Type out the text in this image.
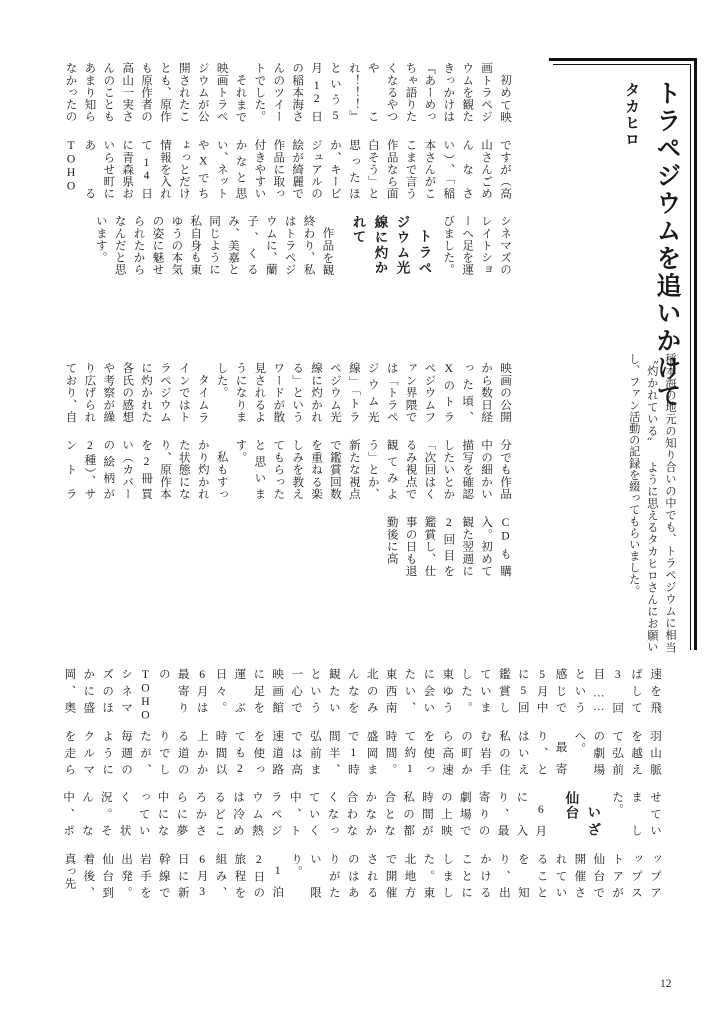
トラペジウムを追いかけて
タカヒロ
稲本海の地元の知り合いの中でも、トラペジウムに相当 〝灼かれている〟 ように思えるタカヒロさんにお願いし、ファン活動の記録を綴ってもらいました。

初めて映画トラペジウムを観たきっかけは『あーめっちゃ語りたくなるやつやこれ！！！』という5月12日の稲本海さんのツイートでした。

それまで映画トラペジウムが公開されたことも、原作も原作者の高山一実さんのこともあまり知らなかったのですが（高山さんごめんなさい）、「稲本さんがここまで言う作品なら面白そう」と思ったほか、キービジュアルの絵が綺麗で作品に取っ付きやすいかなと思い、ネットやXでちょっとだけ情報を入れて14日に青森県おいらせ町にあるTOHOシネマズのレイトショーへ足を運びました。

トラペジウム光線に灼かれて

作品を観終わり、私はトラペジウムに、蘭子、くるみ、美嘉と同じように私自身も東ゆうの本気の姿に魅せられたからなんだと思います。

映画の公開から数日経った頃、Xのトラペジウムファン界隈では「トラペジウム光線」「トラペジウム光線に灼かれる」というワードが散見されるようになりました。

タイムラインではトラペジウムに灼かれた各氏の感想や考察が繰り広げられており、自分でも作品中の細かい描写を確認したいとか「次回はくるみ視点で観てみよう」とか、新たな視点で鑑賞回数を重ねる楽しみを教えてもらったと思います。

私もすっかり灼かれた状態になり、原作本を2冊買い（カバーの絵柄が2種）、サントラCDも購入。初めて観た翌週に2回目を鑑賞し、仕事の日も退勤後に高

速を飛ばして3回目……という感じで5月中に5回鑑賞していました。東ゆうに会いたい、東西南北のみんなを観たいという一心で映画館に足を運ぶ日々。6月は最寄りのTOHOシネマズのほかに盛岡、奥羽山脈を越えて弘前の劇場へ。

最寄り、とはいえ私の住む岩手の町から高速を使って約1時間。盛岡まで1時間半、弘前までは高速道路を使っても2時間以上かかる道のりでしたが、毎週のようにクルマを走らせていました。

いざ仙台

6月に入り、最寄りの劇場での上映時間が私の都合となかなか合わなくなっていく中、トラペジウム熱は冷めるどころかさらに夢中になっていく状況。そんな中、ポップアップストアが仙台で開催されていることを知り、出かけることにしました。東北地方で開催されるのはありがたい限り。

1泊2日の旅程を組み、6月3日に新幹線で岩手を出発。仙台到着後、真っ先

12
